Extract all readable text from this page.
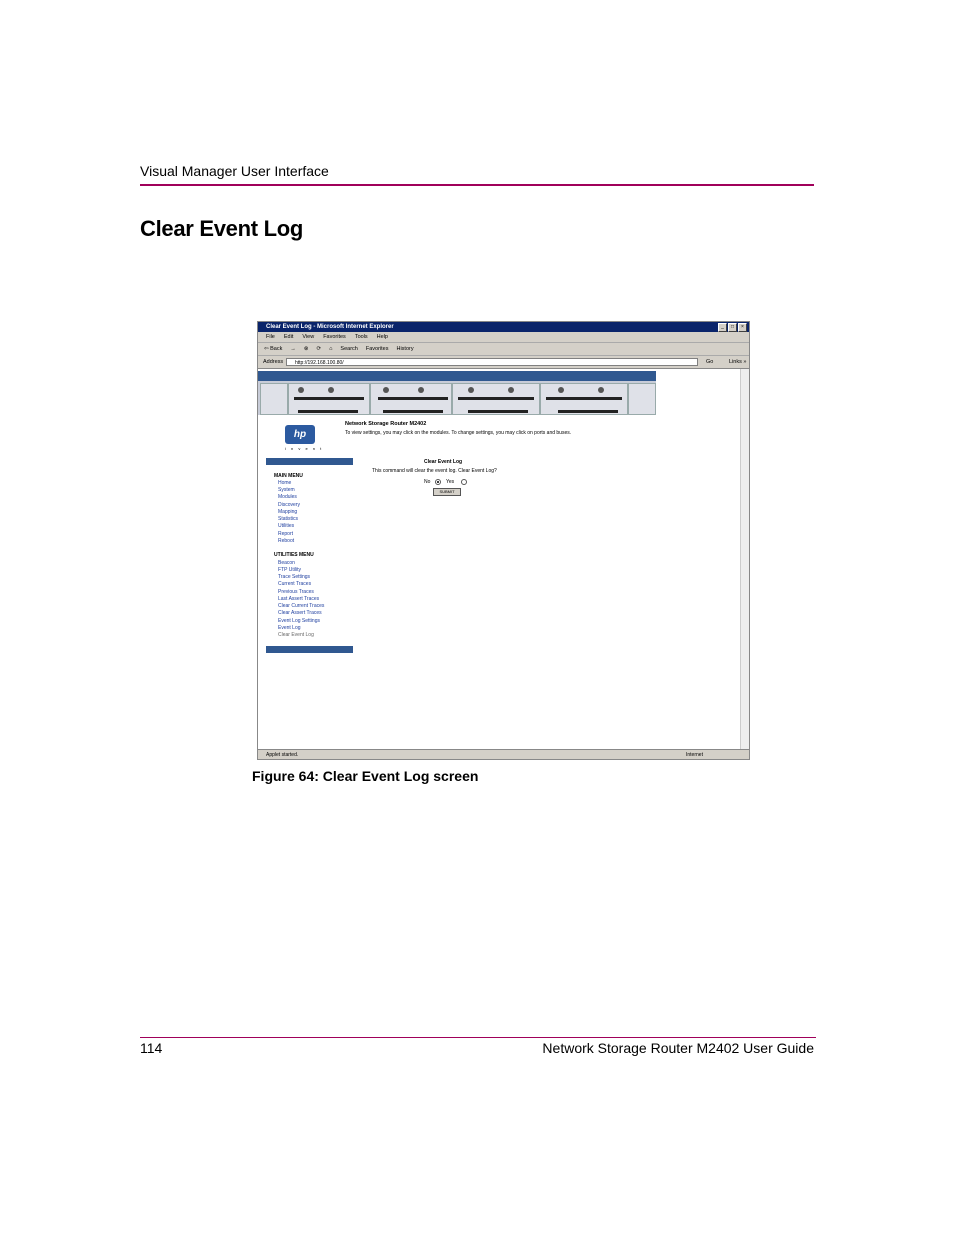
Visual Manager User Interface
Clear Event Log
Clear Event Log - Microsoft Internet Explorer	_	□	×
File Edit View Favorites Tools Help
⇦ Back → ⊗ ⟳ ⌂ Search Favorites History
Address	http://192.168.100.80/	Go	Links »
hp
i n v e n t
MAIN MENU
Home
System
Modules
Discovery
Mapping
Statistics
Utilities
Report
Reboot
UTILITIES MENU
Beacon
FTP Utility
Trace Settings
Current Traces
Previous Traces
Last Assert Traces
Clear Current Traces
Clear Assert Traces
Event Log Settings
Event Log
Clear Event Log
Network Storage Router M2402
To view settings, you may click on the modules. To change settings, you may click on ports and buses.
Clear Event Log
This command will clear the event log. Clear Event Log?
No	Yes
SUBMIT
Applet started.	Internet
Figure 64: Clear Event Log screen
114	Network Storage Router M2402 User Guide
